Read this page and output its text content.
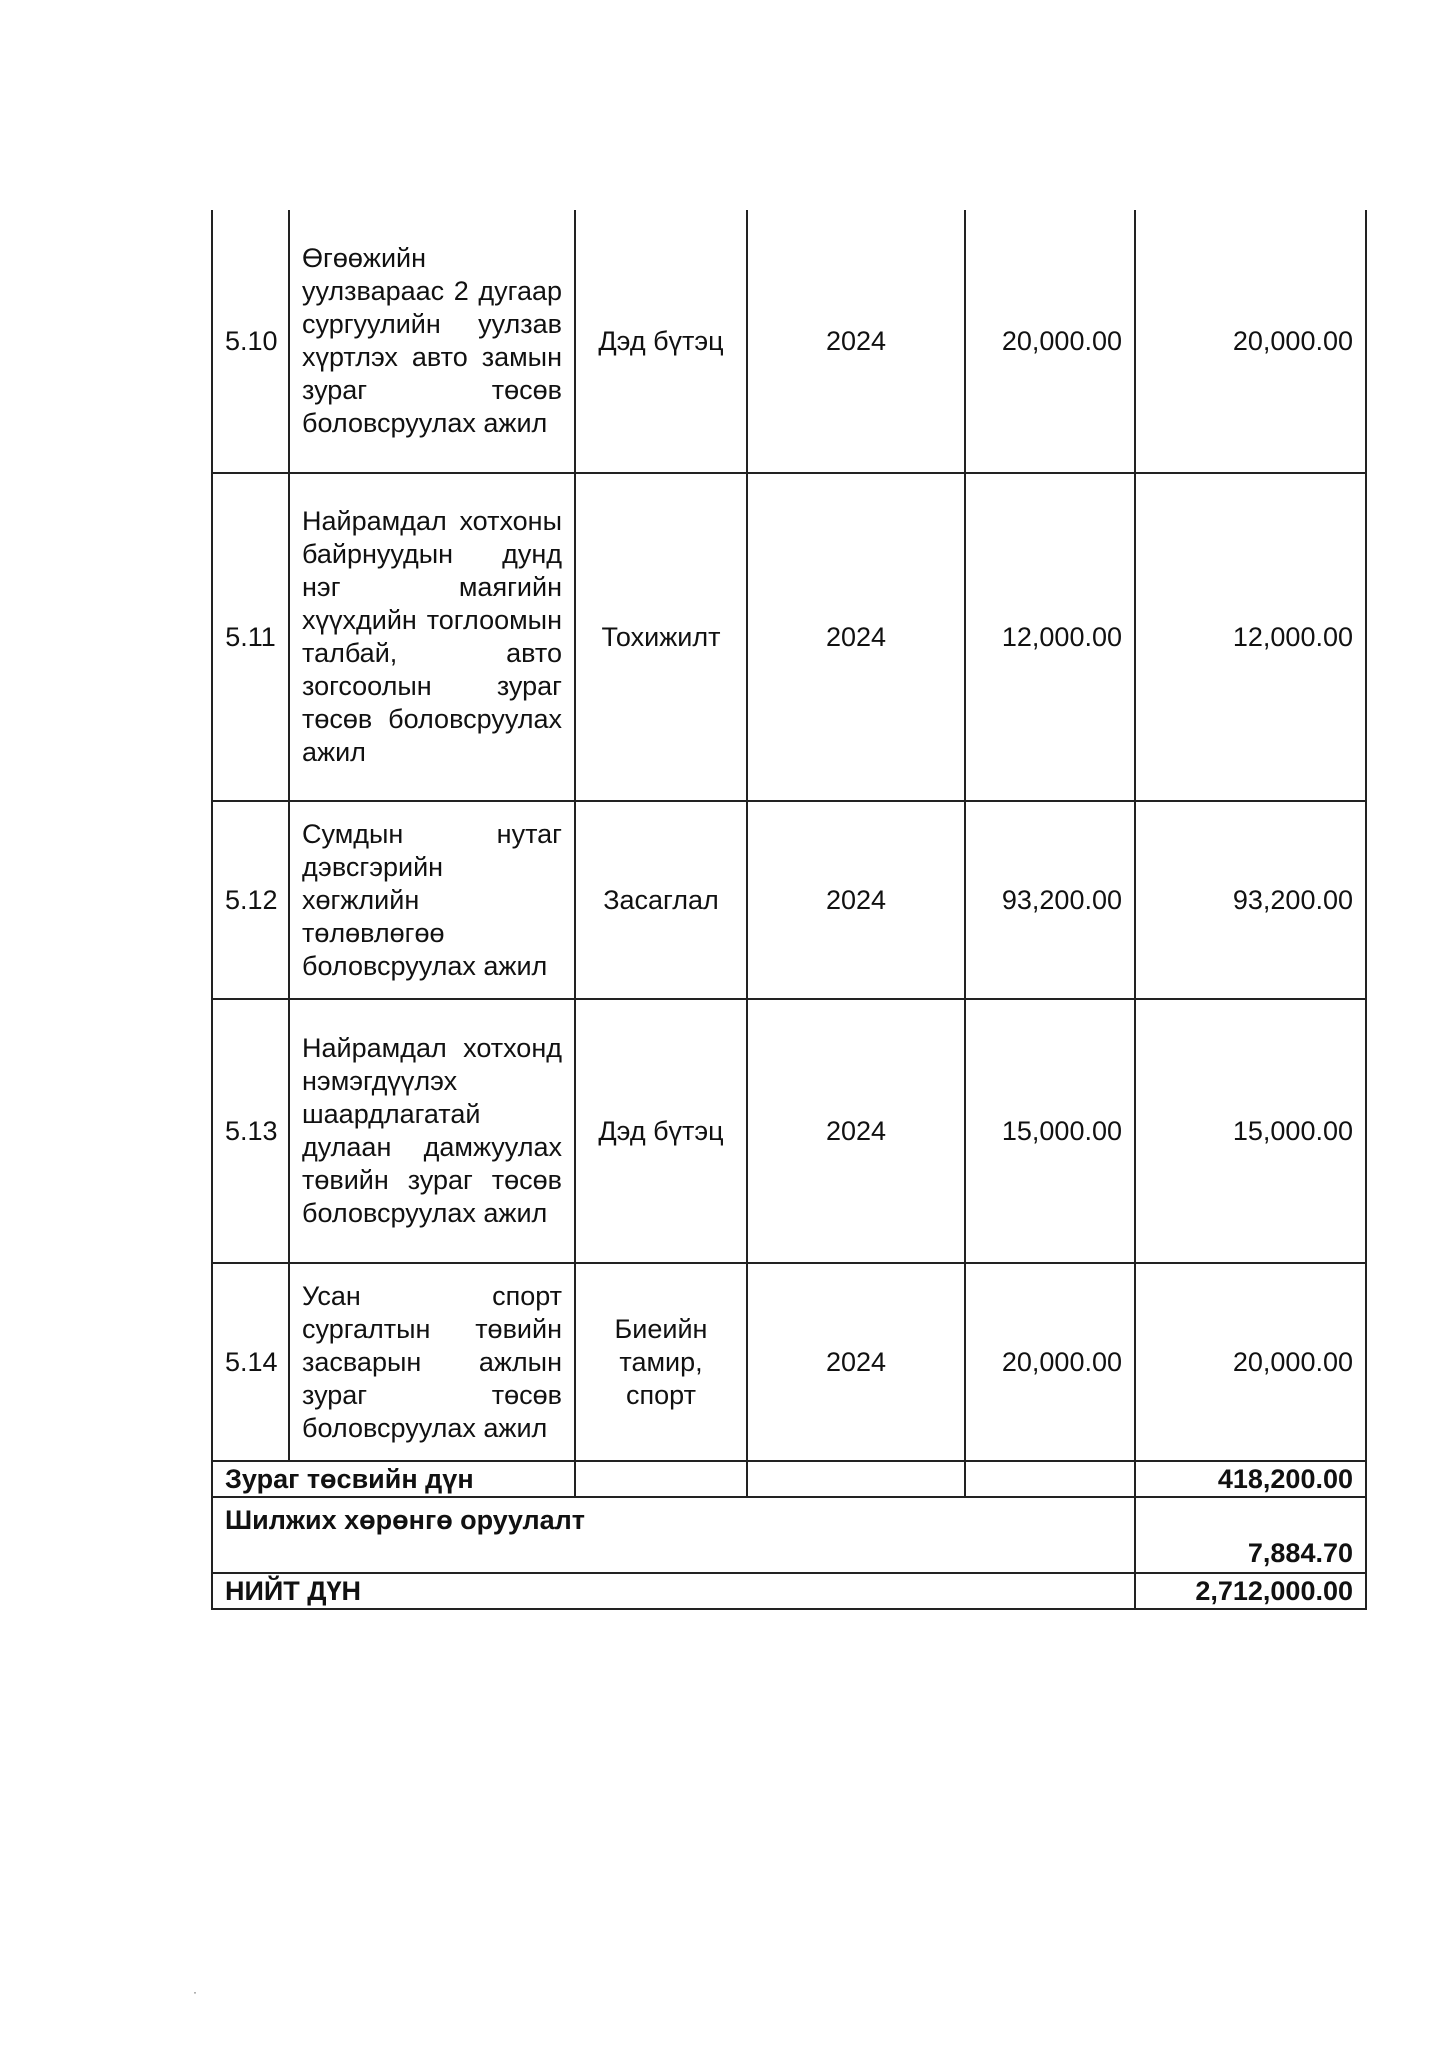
5.10	Өгөөжийн уулзвараас 2 дугаар сургуулийн уулзав хүртлэх авто замын зураг төсөв боловсруулах ажил	Дэд бүтэц	2024	20,000.00	20,000.00
5.11	Найрамдал хотхоны байрнуудын дунд нэг маягийн хүүхдийн тоглоомын талбай, авто зогсоолын зураг төсөв боловсруулах ажил	Тохижилт	2024	12,000.00	12,000.00
5.12	Сумдын нутаг дэвсгэрийн хөгжлийн төлөвлөгөө боловсруулах ажил	Засаглал	2024	93,200.00	93,200.00
5.13	Найрамдал хотхонд нэмэгдүүлэх шаардлагатай дулаан дамжуулах төвийн зураг төсөв боловсруулах ажил	Дэд бүтэц	2024	15,000.00	15,000.00
5.14	Усан спорт сургалтын төвийн засварын ажлын зураг төсөв боловсруулах ажил	Биеийн тамир, спорт	2024	20,000.00	20,000.00
Зураг төсвийн дүн					418,200.00
Шилжих хөрөнгө оруулалт					7,884.70
НИЙТ ДҮН					2,712,000.00
·
